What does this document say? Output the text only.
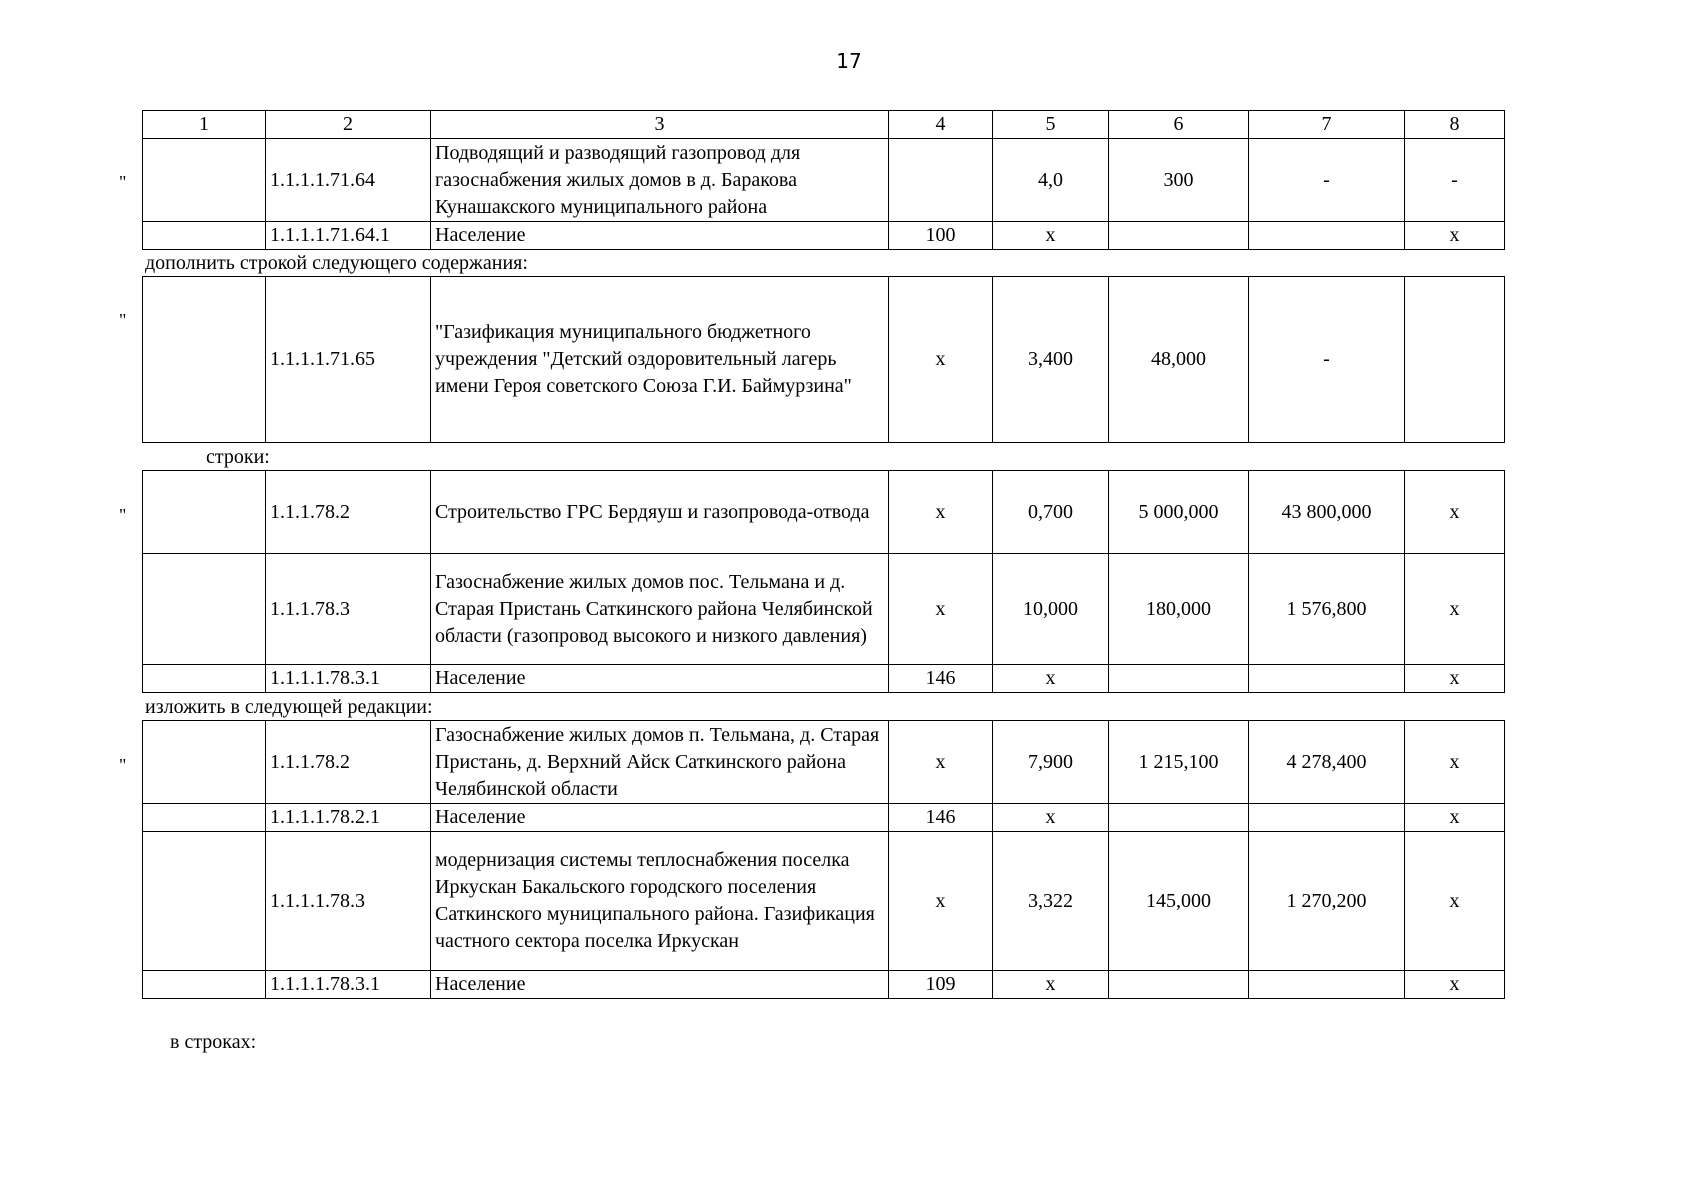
17
"
"
"
"
1	2	3	4	5	6	7	8
	1.1.1.1.71.64	Подводящий и разводящий газопровод для газоснабжения жилых домов в д. Баракова Кунашакского муниципального района		4,0	300	-	-
	1.1.1.1.71.64.1	Население	100	х			х
дополнить строкой следующего содержания:
	1.1.1.1.71.65	"Газификация муниципального бюджетного учреждения "Детский оздоровительный лагерь имени Героя советского Союза Г.И. Баймурзина"	х	3,400	48,000	-	
строки:
	1.1.1.78.2	Строительство ГРС Бердяуш и газопровода-отвода	х	0,700	5 000,000	43 800,000	х
	1.1.1.78.3	Газоснабжение жилых домов пос. Тельмана и д. Старая Пристань Саткинского района Челябинской области (газопровод высокого и низкого давления)	х	10,000	180,000	1 576,800	х
	1.1.1.1.78.3.1	Население	146	х			х
изложить в следующей редакции:
	1.1.1.78.2	Газоснабжение жилых домов п. Тельмана, д. Старая Пристань, д. Верхний Айск Саткинского района Челябинской области	х	7,900	1 215,100	4 278,400	х
	1.1.1.1.78.2.1	Население	146	х			х
	1.1.1.1.78.3	модернизация системы теплоснабжения поселка Иркускан Бакальского городского поселения Саткинского муниципального района. Газификация частного сектора поселка Иркускан	х	3,322	145,000	1 270,200	х
	1.1.1.1.78.3.1	Население	109	х			х
в строках:
